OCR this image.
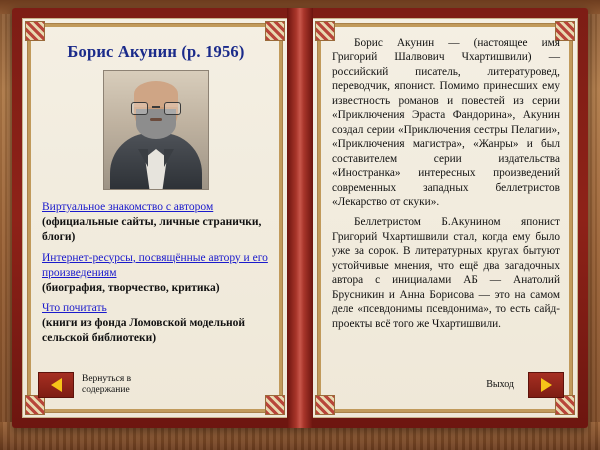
Борис Акунин (р. 1956)
Виртуальное знакомство с автором
(официальные сайты, личные странички, блоги)
Интернет-ресурсы, посвящённые автору и его произведениям
(биография, творчество, критика)
Что почитать
(книги из фонда Ломовской модельной сельской библиотеки)
Вернуться в
содержание

Борис Акунин — (настоящее имя Григорий Шалвович Чхартишвили) — российский писатель, литературовед, переводчик, японист. Помимо принесших ему известность романов и повестей из серии «Приключения Эраста Фандорина», Акунин создал серии «Приключения сестры Пелагии», «Приключения магистра», «Жанры» и был составителем серии издательства «Иностранка» интересных произведений современных западных беллетристов «Лекарство от скуки».

Беллетристом Б.Акунином японист Григорий Чхартишвили стал, когда ему было уже за сорок. В литературных кругах бытуют устойчивые мнения, что ещё два загадочных автора с инициалами АБ — Анатолий Брусникин и Анна Борисова — это на самом деле «псевдонимы псевдонима», то есть сайд-проекты всё того же Чхартишвили.

Выход
